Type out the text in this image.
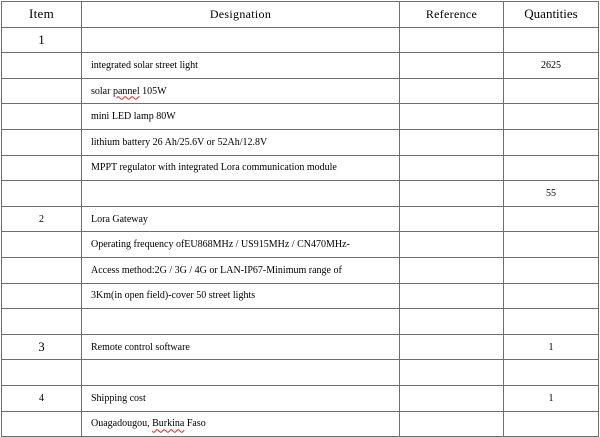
Item	Designation	Reference	Quantities
1			
	integrated solar street light		2625
	solar pannel 105W		
	mini LED lamp 80W		
	lithium battery 26 Ah/25.6V or 52Ah/12.8V		
	MPPT regulator with integrated Lora communication module		
			55
2	Lora Gateway		
	Operating frequency ofEU868MHz / US915MHz / CN470MHz-		
	Access method:2G / 3G / 4G or LAN-IP67-Minimum range of		
	3Km(in open field)-cover 50 street lights		

3	Remote control software		1

4	Shipping cost		1
	Ouagadougou, Burkina Faso		
